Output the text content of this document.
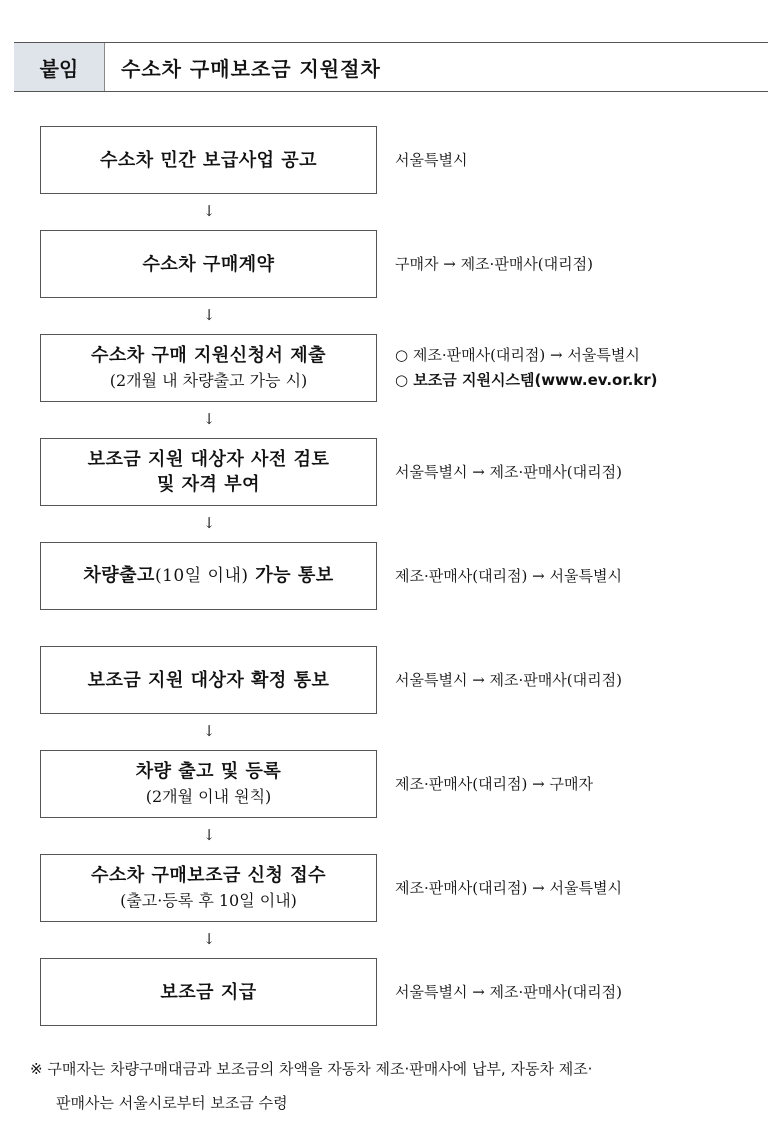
붙임	수소차 구매보조금 지원절차
수소차 민간 보급사업 공고	서울특별시
↓
수소차 구매계약	구매자 → 제조·판매사(대리점)
↓
수소차 구매 지원신청서 제출
(2개월 내 차량출고 가능 시)
○ 제조·판매사(대리점) → 서울특별시
○ 보조금 지원시스템(www.ev.or.kr)
↓
보조금 지원 대상자 사전 검토
및 자격 부여
서울특별시 → 제조·판매사(대리점)
↓
차량출고(10일 이내) 가능 통보	제조·판매사(대리점) → 서울특별시
보조금 지원 대상자 확정 통보	서울특별시 → 제조·판매사(대리점)
↓
차량 출고 및 등록
(2개월 이내 원칙)
제조·판매사(대리점) → 구매자
↓
수소차 구매보조금 신청 접수
(출고·등록 후 10일 이내)
제조·판매사(대리점) → 서울특별시
↓
보조금 지급	서울특별시 → 제조·판매사(대리점)
※ 구매자는 차량구매대금과 보조금의 차액을 자동차 제조·판매사에 납부, 자동차 제조·
판매사는 서울시로부터 보조금 수령
